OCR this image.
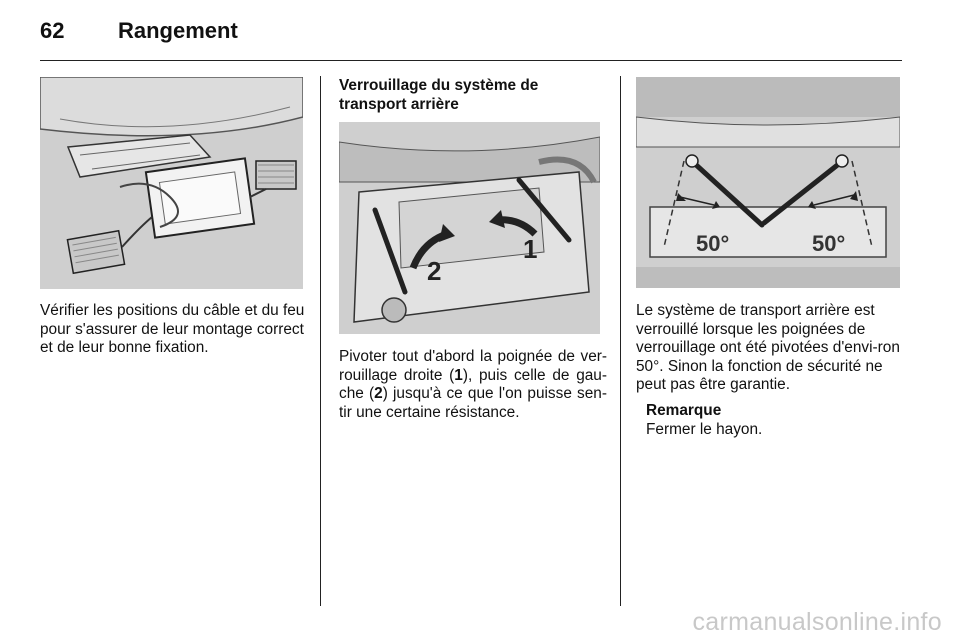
62 Rangement
Vérifier les positions du câble et du feu pour s'assurer de leur montage correct et de leur bonne fixation.
Verrouillage du système de transport arrière
1
2
Pivoter tout d'abord la poignée de ver-rouillage droite (1), puis celle de gau-che (2) jusqu'à ce que l'on puisse sen-tir une certaine résistance.
50°	50°
Le système de transport arrière est verrouillé lorsque les poignées de verrouillage ont été pivotées d'envi-ron 50°. Sinon la fonction de sécurité ne peut pas être garantie.
Remarque
Fermer le hayon.
carmanualsonline.info
